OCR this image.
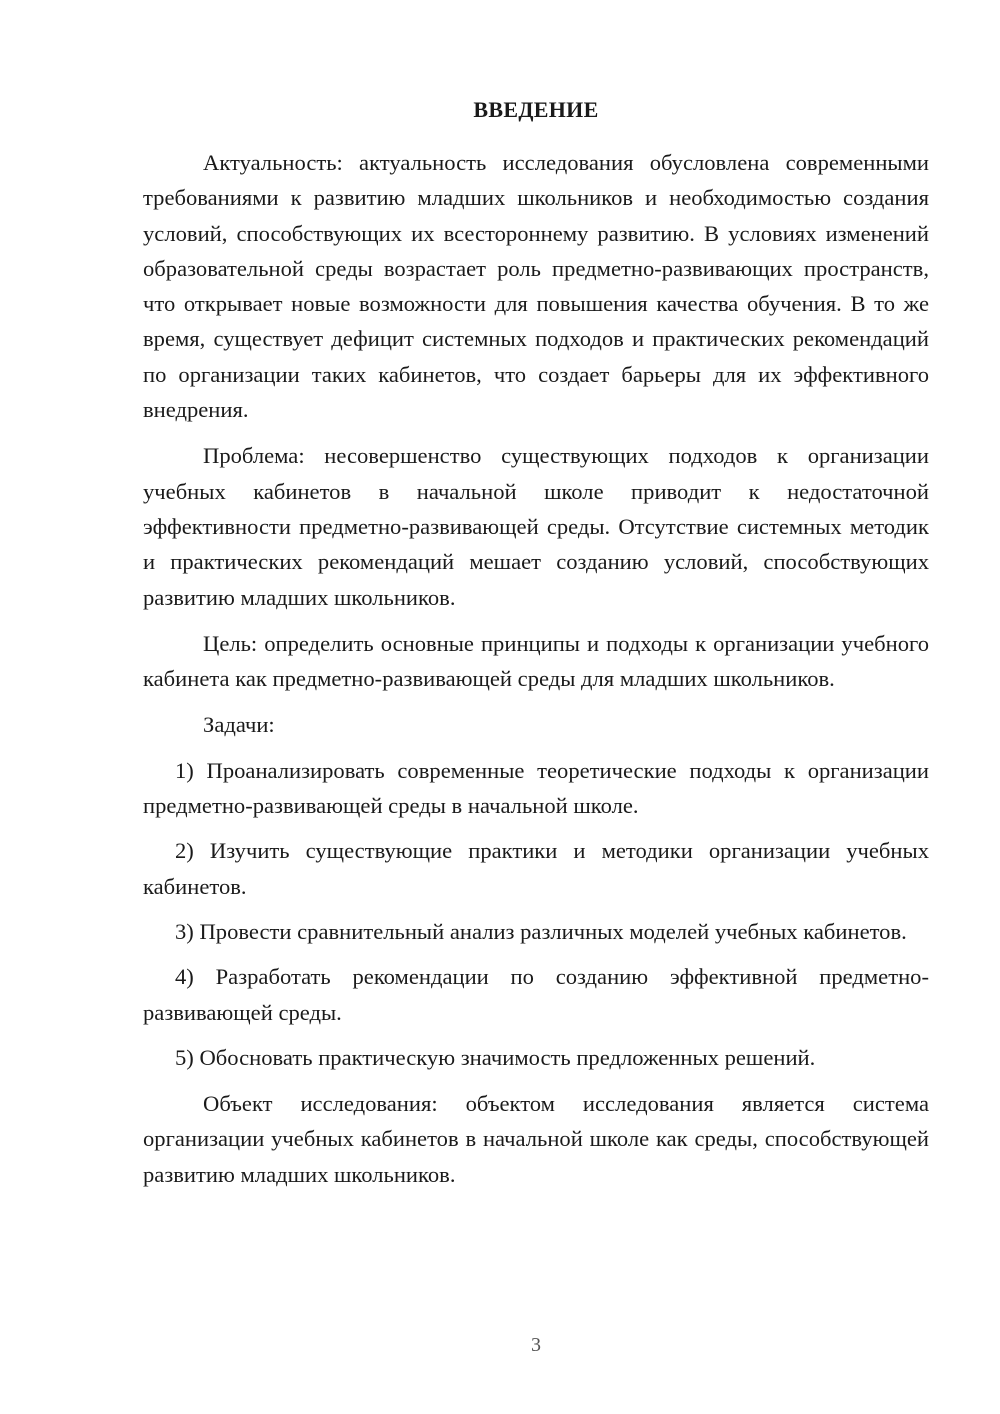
ВВЕДЕНИЕ

Актуальность: актуальность исследования обусловлена современными требованиями к развитию младших школьников и необходимостью создания условий, способствующих их всестороннему развитию. В условиях изменений образовательной среды возрастает роль предметно-развивающих пространств, что открывает новые возможности для повышения качества обучения. В то же время, существует дефицит системных подходов и практических рекомендаций по организации таких кабинетов, что создает барьеры для их эффективного внедрения.

Проблема: несовершенство существующих подходов к организации учебных кабинетов в начальной школе приводит к недостаточной эффективности предметно-развивающей среды. Отсутствие системных методик и практических рекомендаций мешает созданию условий, способствующих развитию младших школьников.

Цель: определить основные принципы и подходы к организации учебного кабинета как предметно-развивающей среды для младших школьников.

Задачи:

1) Проанализировать современные теоретические подходы к организации предметно-развивающей среды в начальной школе.

2) Изучить существующие практики и методики организации учебных кабинетов.

3) Провести сравнительный анализ различных моделей учебных кабинетов.

4) Разработать рекомендации по созданию эффективной предметно-развивающей среды.

5) Обосновать практическую значимость предложенных решений.

Объект исследования: объектом исследования является система организации учебных кабинетов в начальной школе как среды, способствующей развитию младших школьников.

3
